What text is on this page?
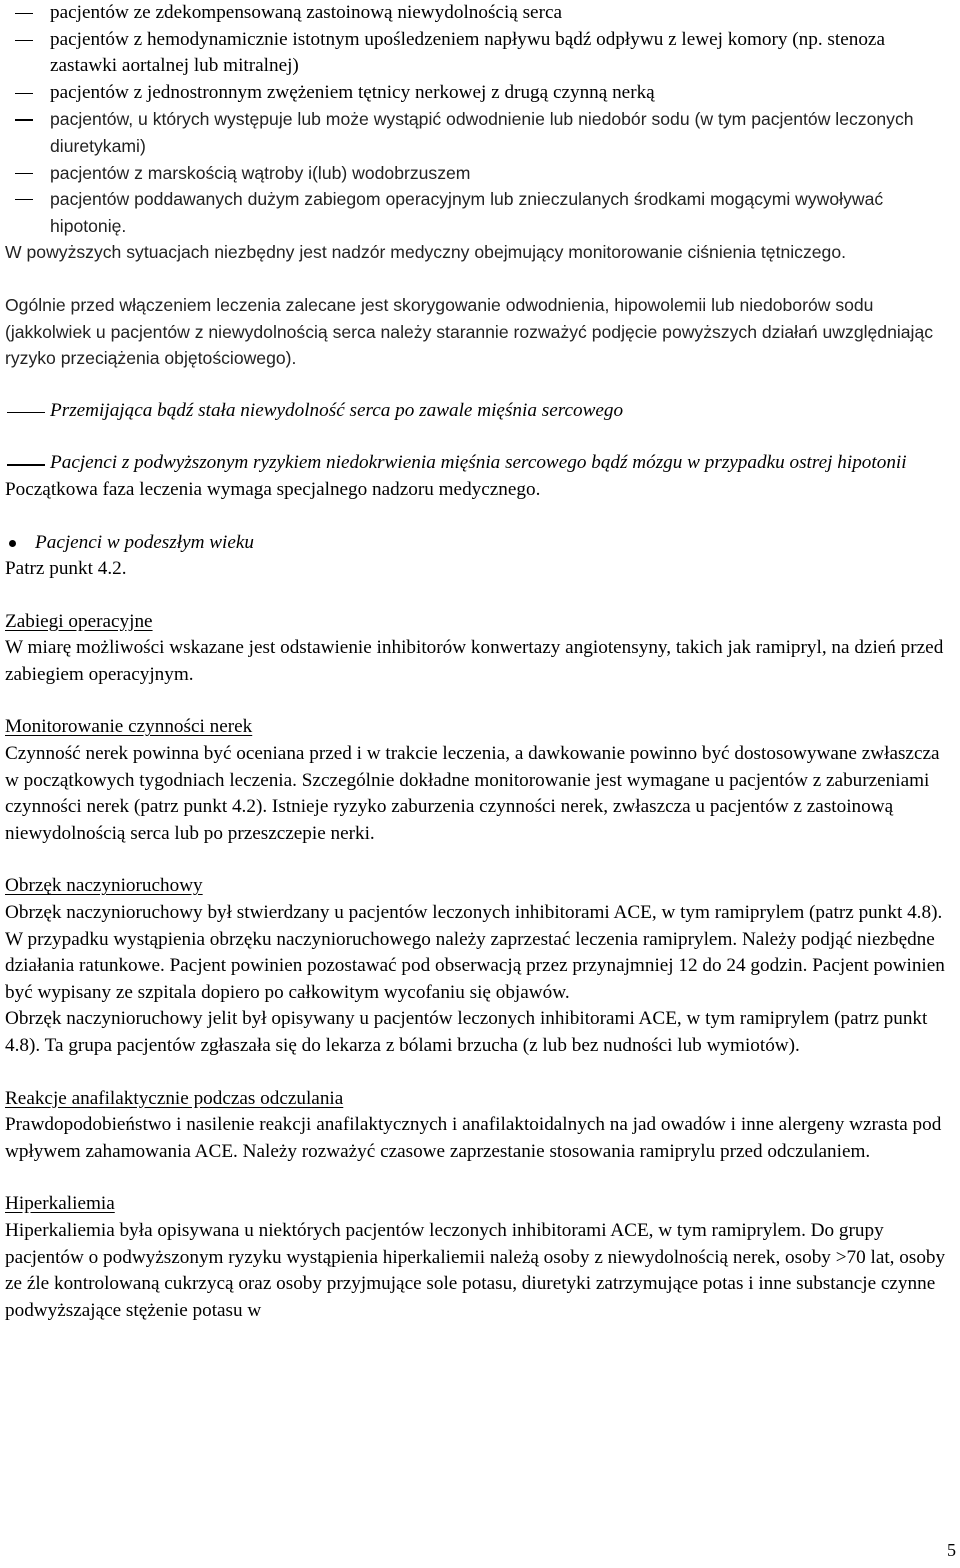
pacjentów ze zdekompensowaną zastoinową niewydolnością serca
pacjentów z hemodynamicznie istotnym upośledzeniem napływu bądź odpływu z lewej komory (np. stenoza zastawki aortalnej lub mitralnej)
pacjentów z jednostronnym zwężeniem tętnicy nerkowej z drugą czynną nerką
pacjentów, u których występuje lub może wystąpić odwodnienie lub niedobór sodu (w tym pacjentów leczonych diuretykami)
pacjentów z marskością wątroby i(lub) wodobrzuszem
pacjentów poddawanych dużym zabiegom operacyjnym lub znieczulanych środkami mogącymi wywoływać hipotonię.

W powyższych sytuacjach niezbędny jest nadzór medyczny obejmujący monitorowanie ciśnienia tętniczego.

Ogólnie przed włączeniem leczenia zalecane jest skorygowanie odwodnienia, hipowolemii lub niedoborów sodu (jakkolwiek u pacjentów z niewydolnością serca należy starannie rozważyć podjęcie powyższych działań uwzględniając ryzyko przeciążenia objętościowego).

Przemijająca bądź stała niewydolność serca po zawale mięśnia sercowego

Pacjenci z podwyższonym ryzykiem niedokrwienia mięśnia sercowego bądź mózgu w przypadku ostrej hipotonii

Początkowa faza leczenia wymaga specjalnego nadzoru medycznego.

Pacjenci w podeszłym wieku

Patrz punkt 4.2.

Zabiegi operacyjne

W miarę możliwości wskazane jest odstawienie inhibitorów konwertazy angiotensyny, takich jak ramipryl, na dzień przed zabiegiem operacyjnym.

Monitorowanie czynności nerek

Czynność nerek powinna być oceniana przed i w trakcie leczenia, a dawkowanie powinno być dostosowywane zwłaszcza w początkowych tygodniach leczenia. Szczególnie dokładne monitorowanie jest wymagane u pacjentów z zaburzeniami czynności nerek (patrz punkt 4.2). Istnieje ryzyko zaburzenia czynności nerek, zwłaszcza u pacjentów z zastoinową niewydolnością serca lub po przeszczepie nerki.

Obrzęk naczynioruchowy

Obrzęk naczynioruchowy był stwierdzany u pacjentów leczonych inhibitorami ACE, w tym ramiprylem (patrz punkt 4.8).

W przypadku wystąpienia obrzęku naczynioruchowego należy zaprzestać leczenia ramiprylem. Należy podjąć niezbędne działania ratunkowe. Pacjent powinien pozostawać pod obserwacją przez przynajmniej 12 do 24 godzin. Pacjent powinien być wypisany ze szpitala dopiero po całkowitym wycofaniu się objawów.

Obrzęk naczynioruchowy jelit był opisywany u pacjentów leczonych inhibitorami ACE, w tym ramiprylem (patrz punkt 4.8). Ta grupa pacjentów zgłaszała się do lekarza z bólami brzucha (z lub bez nudności lub wymiotów).

Reakcje anafilaktycznie podczas odczulania

Prawdopodobieństwo i nasilenie reakcji anafilaktycznych i anafilaktoidalnych na jad owadów i inne alergeny wzrasta pod wpływem zahamowania ACE. Należy rozważyć czasowe zaprzestanie stosowania ramiprylu przed odczulaniem.

Hiperkaliemia

Hiperkaliemia była opisywana u niektórych pacjentów leczonych inhibitorami ACE, w tym ramiprylem. Do grupy pacjentów o podwyższonym ryzyku wystąpienia hiperkaliemii należą osoby z niewydolnością nerek, osoby >70 lat, osoby ze źle kontrolowaną cukrzycą oraz osoby przyjmujące sole potasu, diuretyki zatrzymujące potas i inne substancje czynne podwyższające stężenie potasu w

5
